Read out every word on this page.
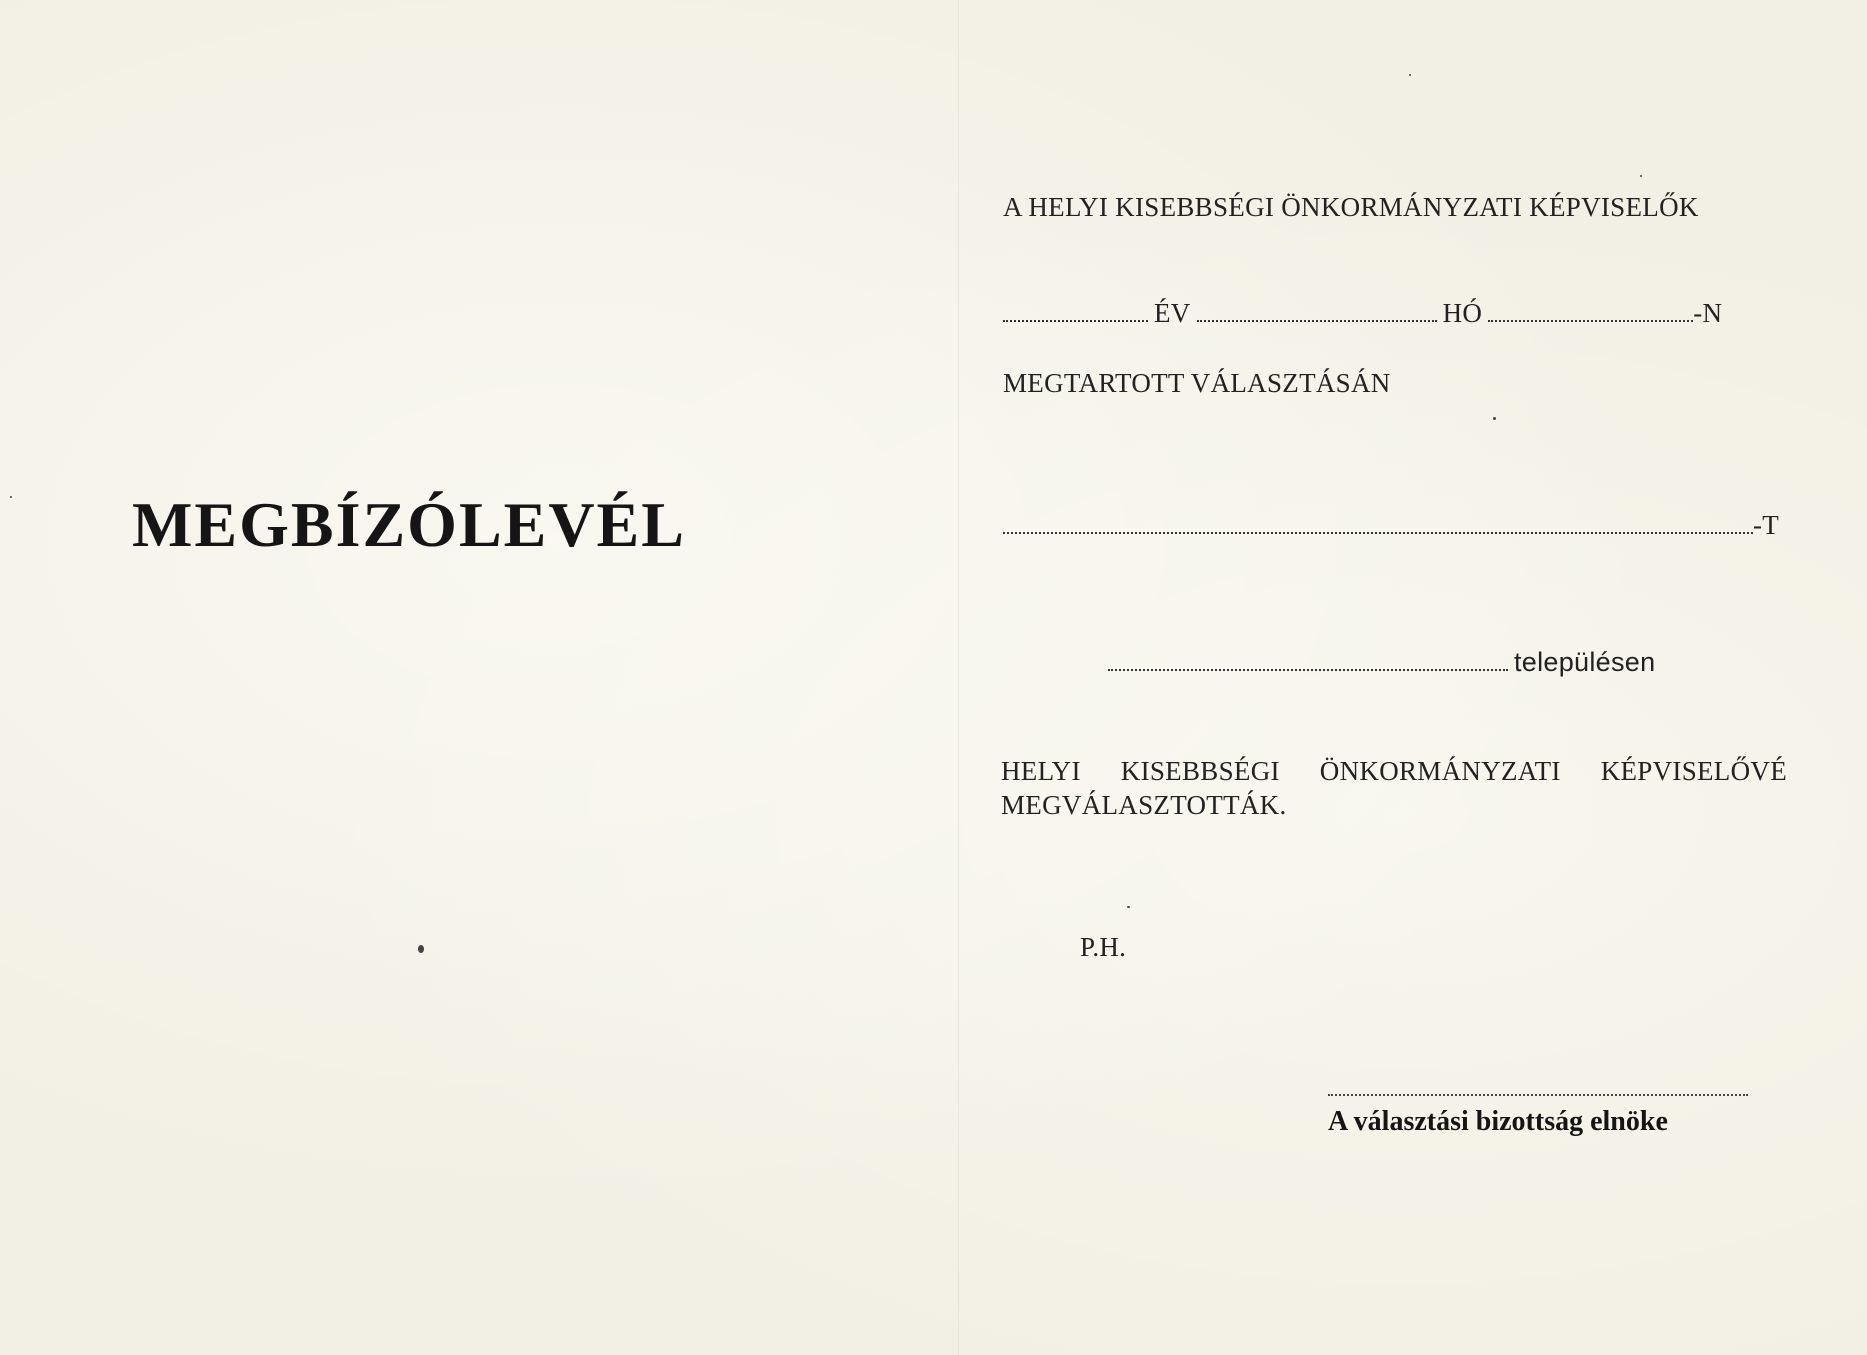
MEGBÍZÓLEVÉL
A HELYI KISEBBSÉGI ÖNKORMÁNYZATI KÉPVISELŐK
ÉV	HÓ	-N
MEGTARTOTT VÁLASZTÁSÁN
-T
településen
HELYI KISEBBSÉGI ÖNKORMÁNYZATI KÉPVISELŐVÉ
MEGVÁLASZTOTTÁK.
P.H.
A választási bizottság elnöke
